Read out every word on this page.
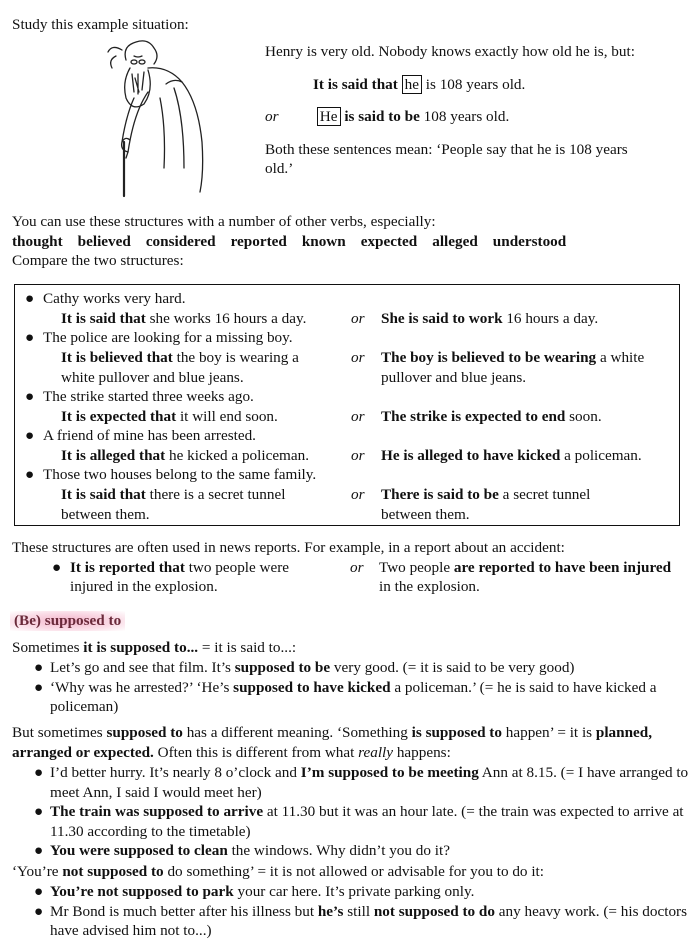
Study this example situation:

Henry is very old. Nobody knows exactly how old he is, but:

It is said that he is 108 years old.

or	He is said to be 108 years old.

Both these sentences mean: ‘People say that he is 108 years old.’

You can use these structures with a number of other verbs, especially:
thought believed considered reported known expected alleged understood
Compare the two structures:
● Cathy works very hard.
It is said that she works 16 hours a day.	or She is said to work 16 hours a day.
● The police are looking for a missing boy.
It is believed that the boy is wearing a white pullover and blue jeans.
or The boy is believed to be wearing a white pullover and blue jeans.
● The strike started three weeks ago.
It is expected that it will end soon.	or The strike is expected to end soon.
● A friend of mine has been arrested.
It is alleged that he kicked a policeman.	or He is alleged to have kicked a policeman.
● Those two houses belong to the same family.
It is said that there is a secret tunnel between them.
or There is said to be a secret tunnel between them.
These structures are often used in news reports. For example, in a report about an accident:
● It is reported that two people were injured in the explosion.
or Two people are reported to have been injured in the explosion.
(Be) supposed to
Sometimes it is supposed to... = it is said to...:
● Let’s go and see that film. It’s supposed to be very good. (= it is said to be very good)
● ‘Why was he arrested?’ ‘He’s supposed to have kicked a policeman.’ (= he is said to have kicked a policeman)
But sometimes supposed to has a different meaning. ‘Something is supposed to happen’ = it is planned, arranged or expected. Often this is different from what really happens:
● I’d better hurry. It’s nearly 8 o’clock and I’m supposed to be meeting Ann at 8.15. (= I have arranged to meet Ann, I said I would meet her)
● The train was supposed to arrive at 11.30 but it was an hour late. (= the train was expected to arrive at 11.30 according to the timetable)
● You were supposed to clean the windows. Why didn’t you do it?
‘You’re not supposed to do something’ = it is not allowed or advisable for you to do it:
● You’re not supposed to park your car here. It’s private parking only.
● Mr Bond is much better after his illness but he’s still not supposed to do any heavy work. (= his doctors have advised him not to...)
